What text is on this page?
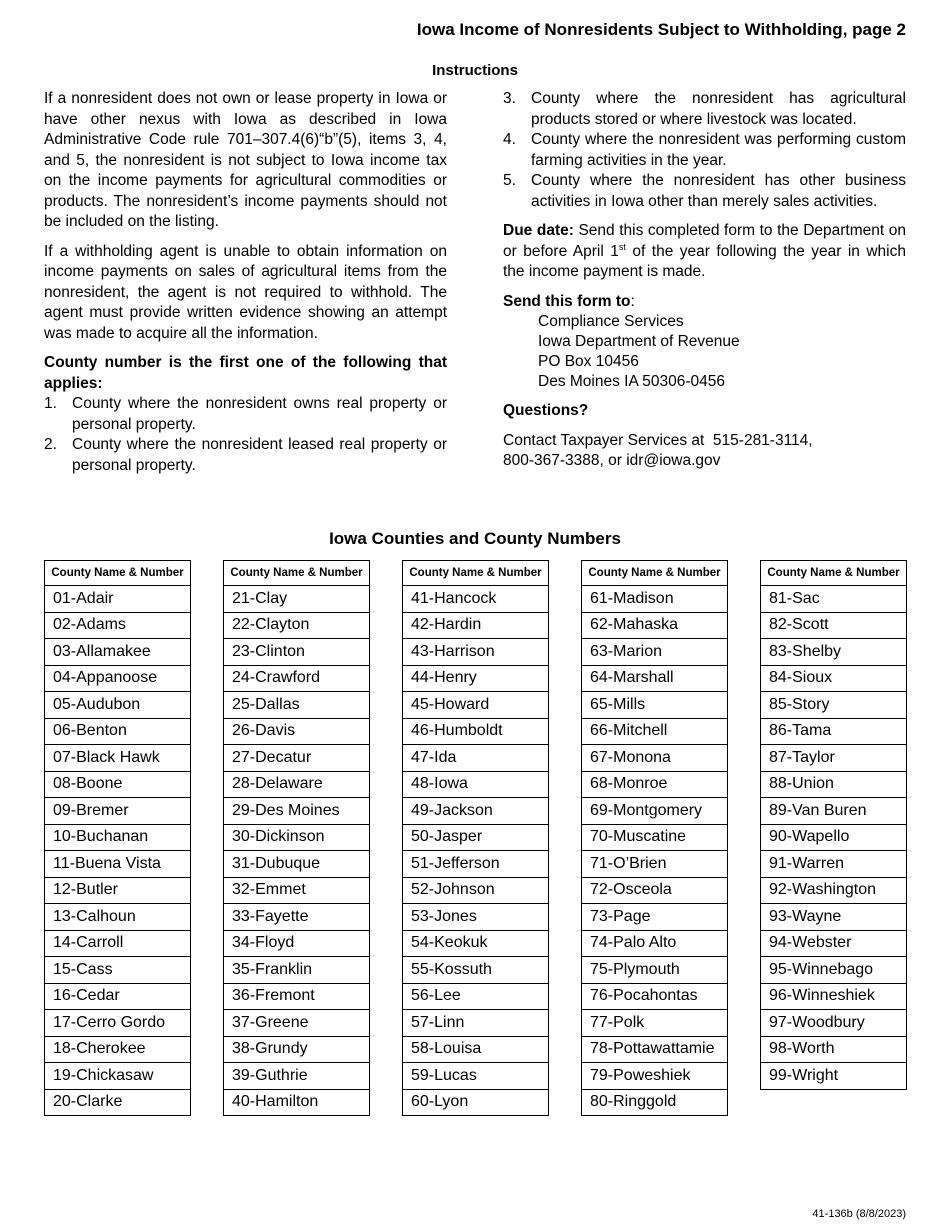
Iowa Income of Nonresidents Subject to Withholding, page 2
Instructions

If a nonresident does not own or lease property in Iowa or have other nexus with Iowa as described in Iowa Administrative Code rule 701–307.4(6)“b”(5), items 3, 4, and 5, the nonresident is not subject to Iowa income tax on the income payments for agricultural commodities or products. The nonresident’s income payments should not be included on the listing.

If a withholding agent is unable to obtain information on income payments on sales of agricultural items from the nonresident, the agent is not required to withhold. The agent must provide written evidence showing an attempt was made to acquire all the information.

County number is the first one of the following that applies:
1. County where the nonresident owns real property or personal property.
2. County where the nonresident leased real property or personal property.
3. County where the nonresident has agricultural products stored or where livestock was located.
4. County where the nonresident was performing custom farming activities in the year.
5. County where the nonresident has other business activities in Iowa other than merely sales activities.

Due date: Send this completed form to the Department on or before April 1st of the year following the year in which the income payment is made.

Send this form to:
Compliance Services
Iowa Department of Revenue
PO Box 10456
Des Moines IA 50306-0456
Questions?
Contact Taxpayer Services at  515-281-3114,
800-367-3388, or idr@iowa.gov
Iowa Counties and County Numbers
County Name & Number
01-Adair
02-Adams
03-Allamakee
04-Appanoose
05-Audubon
06-Benton
07-Black Hawk
08-Boone
09-Bremer
10-Buchanan
11-Buena Vista
12-Butler
13-Calhoun
14-Carroll
15-Cass
16-Cedar
17-Cerro Gordo
18-Cherokee
19-Chickasaw
20-Clarke
County Name & Number
21-Clay
22-Clayton
23-Clinton
24-Crawford
25-Dallas
26-Davis
27-Decatur
28-Delaware
29-Des Moines
30-Dickinson
31-Dubuque
32-Emmet
33-Fayette
34-Floyd
35-Franklin
36-Fremont
37-Greene
38-Grundy
39-Guthrie
40-Hamilton
County Name & Number
41-Hancock
42-Hardin
43-Harrison
44-Henry
45-Howard
46-Humboldt
47-Ida
48-Iowa
49-Jackson
50-Jasper
51-Jefferson
52-Johnson
53-Jones
54-Keokuk
55-Kossuth
56-Lee
57-Linn
58-Louisa
59-Lucas
60-Lyon
County Name & Number
61-Madison
62-Mahaska
63-Marion
64-Marshall
65-Mills
66-Mitchell
67-Monona
68-Monroe
69-Montgomery
70-Muscatine
71-O’Brien
72-Osceola
73-Page
74-Palo Alto
75-Plymouth
76-Pocahontas
77-Polk
78-Pottawattamie
79-Poweshiek
80-Ringgold
County Name & Number
81-Sac
82-Scott
83-Shelby
84-Sioux
85-Story
86-Tama
87-Taylor
88-Union
89-Van Buren
90-Wapello
91-Warren
92-Washington
93-Wayne
94-Webster
95-Winnebago
96-Winneshiek
97-Woodbury
98-Worth
99-Wright
41-136b (8/8/2023)
